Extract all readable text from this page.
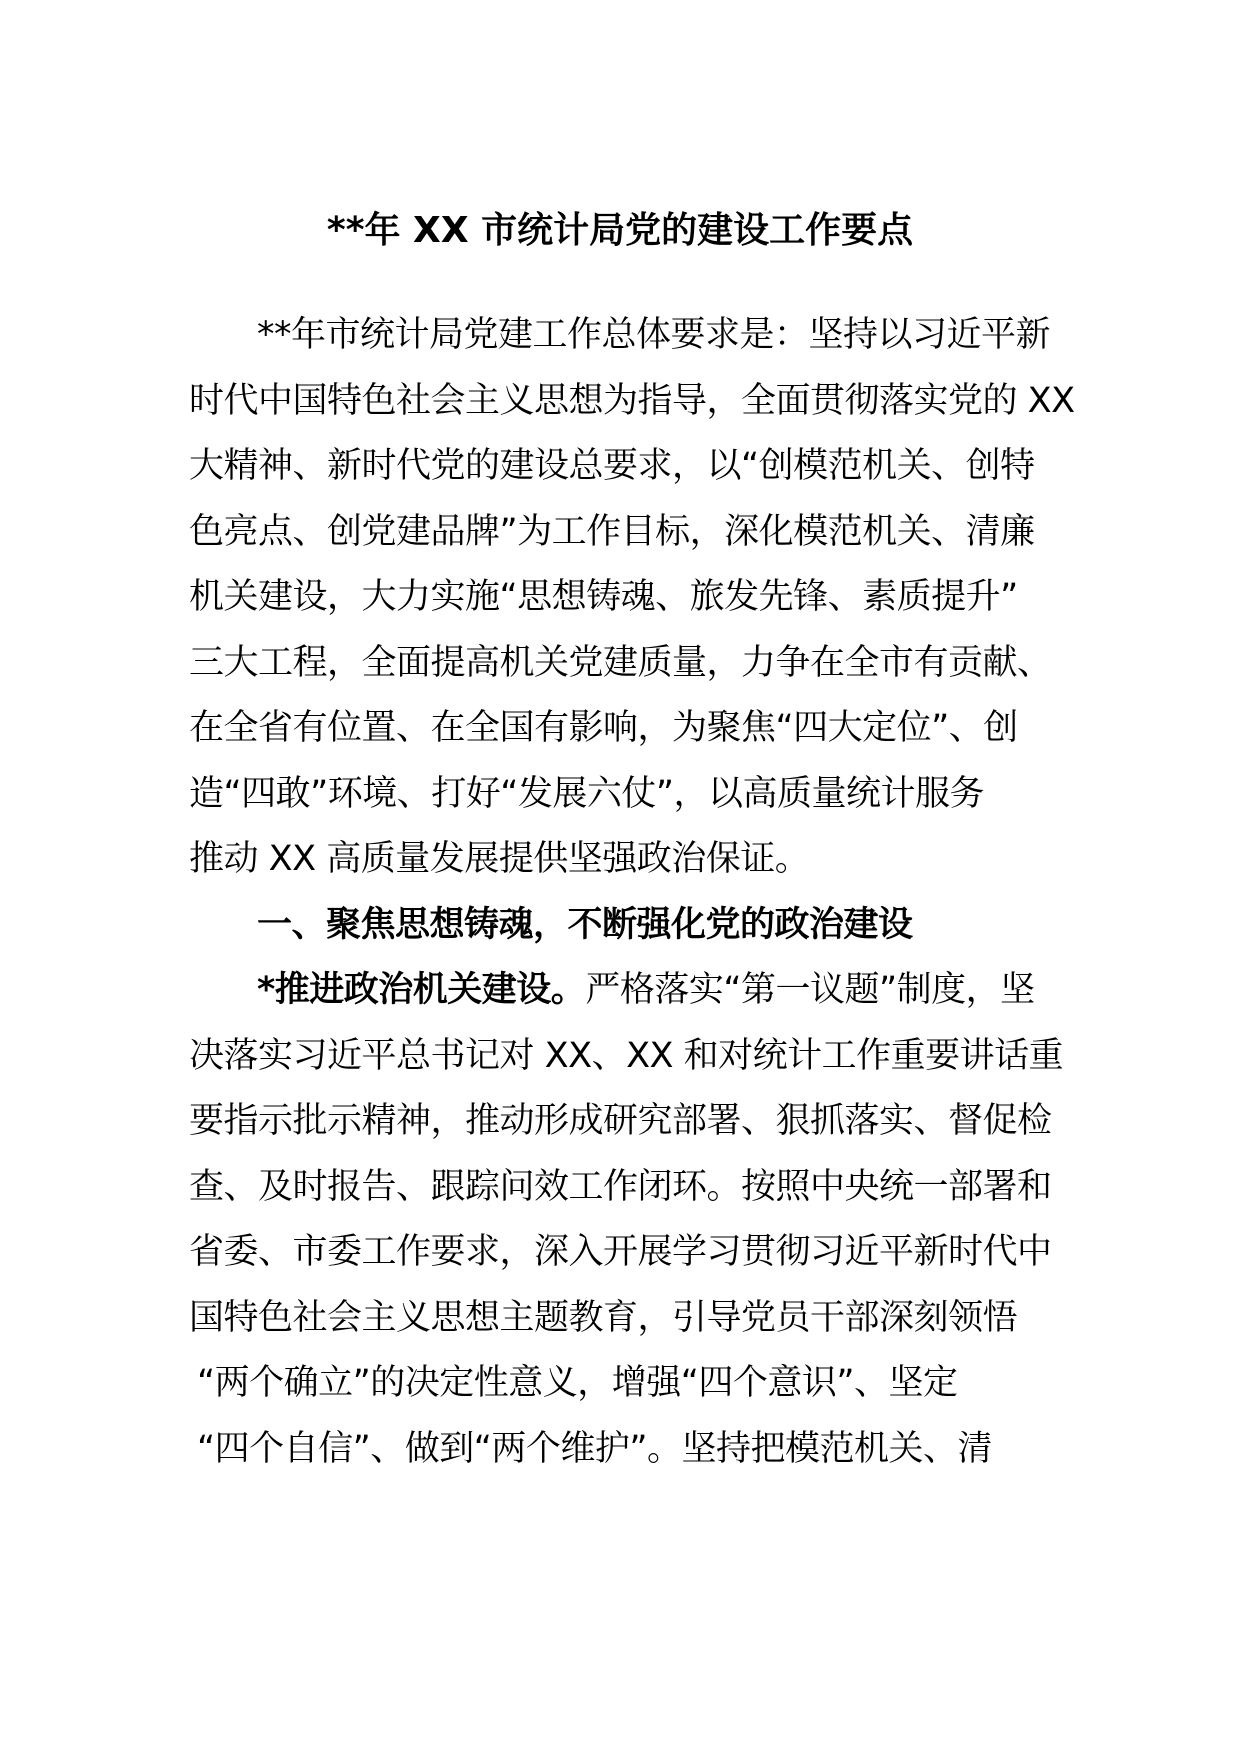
**年 XX 市统计局党的建设工作要点
**年市统计局党建工作总体要求是：坚持以习近平新
时代中国特色社会主义思想为指导，全面贯彻落实党的 XX
大精神、新时代党的建设总要求，以“创模范机关、创特
色亮点、创党建品牌”为工作目标，深化模范机关、清廉
机关建设，大力实施“思想铸魂、旅发先锋、素质提升”
三大工程，全面提高机关党建质量，力争在全市有贡献、
在全省有位置、在全国有影响，为聚焦“四大定位”、创
造“四敢”环境、打好“发展六仗”，以高质量统计服务
推动 XX 高质量发展提供坚强政治保证。
一、聚焦思想铸魂，不断强化党的政治建设
*推进政治机关建设。严格落实“第一议题”制度，坚
决落实习近平总书记对 XX、XX 和对统计工作重要讲话重
要指示批示精神，推动形成研究部署、狠抓落实、督促检
查、及时报告、跟踪问效工作闭环。按照中央统一部署和
省委、市委工作要求，深入开展学习贯彻习近平新时代中
国特色社会主义思想主题教育，引导党员干部深刻领悟
“两个确立”的决定性意义，增强“四个意识”、坚定
“四个自信”、做到“两个维护”。坚持把模范机关、清
